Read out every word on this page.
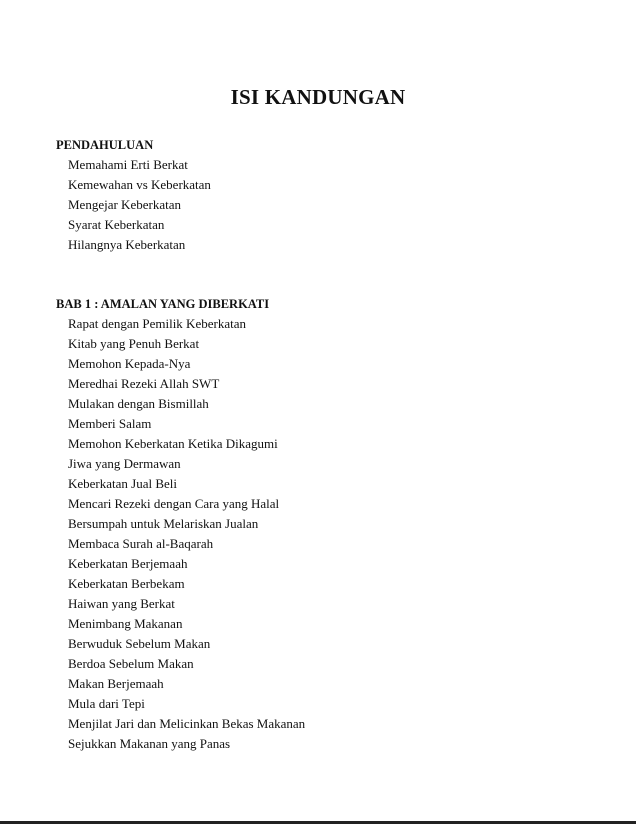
ISI KANDUNGAN
PENDAHULUAN
Memahami Erti Berkat
Kemewahan vs Keberkatan
Mengejar Keberkatan
Syarat Keberkatan
Hilangnya Keberkatan
BAB 1 : AMALAN YANG DIBERKATI
Rapat dengan Pemilik Keberkatan
Kitab yang Penuh Berkat
Memohon Kepada-Nya
Meredhai Rezeki Allah SWT
Mulakan dengan Bismillah
Memberi Salam
Memohon Keberkatan Ketika Dikagumi
Jiwa yang Dermawan
Keberkatan Jual Beli
Mencari Rezeki dengan Cara yang Halal
Bersumpah untuk Melariskan Jualan
Membaca Surah al-Baqarah
Keberkatan Berjemaah
Keberkatan Berbekam
Haiwan yang Berkat
Menimbang Makanan
Berwuduk Sebelum Makan
Berdoa Sebelum Makan
Makan Berjemaah
Mula dari Tepi
Menjilat Jari dan Melicinkan Bekas Makanan
Sejukkan Makanan yang Panas
